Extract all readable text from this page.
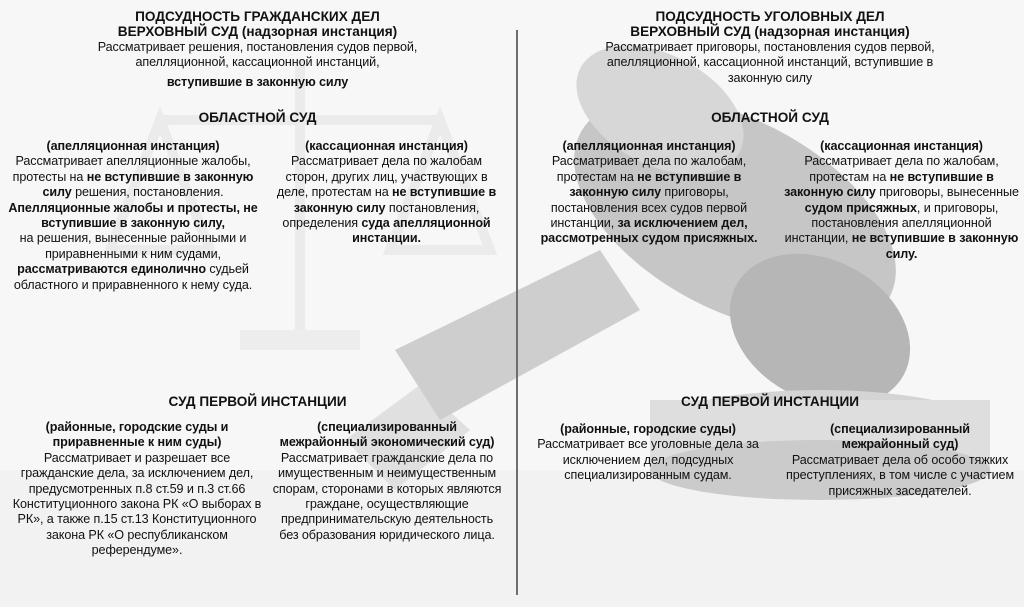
ПОДСУДНОСТЬ ГРАЖДАНСКИХ ДЕЛ

ВЕРХОВНЫЙ СУД (надзорная инстанция)

Рассматривает решения, постановления судов первой, апелляционной, кассационной инстанций,

вступившие в законную силу

ОБЛАСТНОЙ СУД

(апелляционная инстанция)

Рассматривает апелляционные жалобы, протесты на не вступившие в законную силу решения, постановления.

Апелляционные жалобы и протесты, не вступившие в законную силу,

на решения, вынесенные районными и приравненными к ним судами,

рассматриваются единолично судьей областного и приравненного к нему суда.

(кассационная инстанция)

Рассматривает дела по жалобам сторон, других лиц, участвующих в деле, протестам на не вступившие в законную силу постановления, определения суда апелляционной инстанции.

СУД ПЕРВОЙ ИНСТАНЦИИ

(районные, городские суды и приравненные к ним суды)

Рассматривает и разрешает все гражданские дела, за исключением дел, предусмотренных п.8 ст.59 и п.3 ст.66 Конституционного закона РК «О выборах в РК», а также п.15 ст.13 Конституционного закона РК «О республиканском референдуме».

(специализированный межрайонный экономический суд)

Рассматривает гражданские дела по имущественным и неимущественным спорам, сторонами в которых являются граждане, осуществляющие предпринимательскую деятельность без образования юридического лица.

ПОДСУДНОСТЬ УГОЛОВНЫХ ДЕЛ

ВЕРХОВНЫЙ СУД (надзорная инстанция)

Рассматривает приговоры, постановления судов первой, апелляционной, кассационной инстанций, вступившие в законную силу

ОБЛАСТНОЙ СУД

(апелляционная инстанция)

Рассматривает дела по жалобам, протестам на не вступившие в законную силу приговоры, постановления всех судов первой инстанции, за исключением дел, рассмотренных судом присяжных.

(кассационная инстанция)

Рассматривает дела по жалобам, протестам на не вступившие в законную силу приговоры, вынесенные судом присяжных, и приговоры, постановления апелляционной инстанции, не вступившие в законную силу.

СУД ПЕРВОЙ ИНСТАНЦИИ

(районные, городские суды)

Рассматривает все уголовные дела за исключением дел, подсудных специализированным судам.

(специализированный межрайонный суд)

Рассматривает дела об особо тяжких преступлениях, в том числе с участием присяжных заседателей.
